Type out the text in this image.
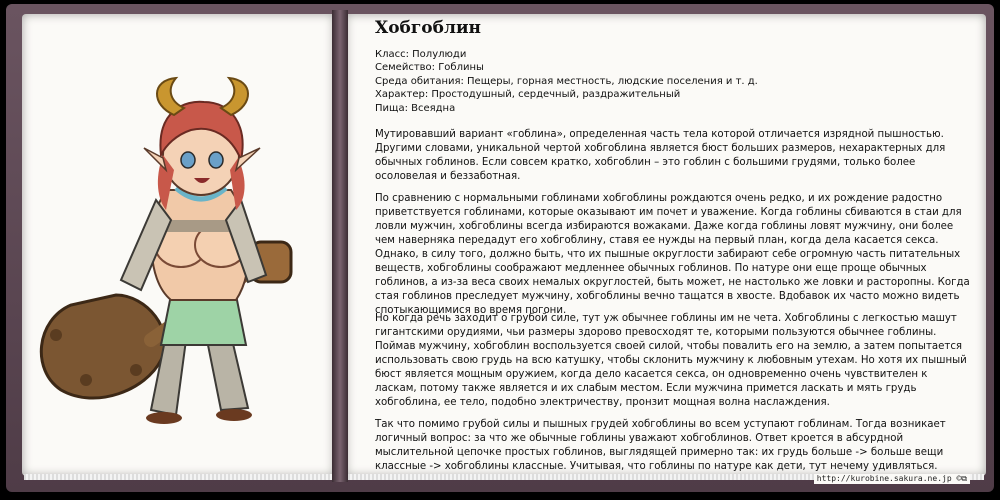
Хобгоблин
Класс: Полулюди
Семейство: Гоблины
Среда обитания: Пещеры, горная местность, людские поселения и т. д.
Характер: Простодушный, сердечный, раздражительный
Пища: Всеядна

Мутировавший вариант «гоблина», определенная часть тела которой отличается изрядной пышностью. Другими словами, уникальной чертой хобгоблина является бюст больших размеров, нехарактерных для обычных гоблинов. Если совсем кратко, хобгоблин – это гоблин с большими грудями, только более осоловелая и беззаботная.

По сравнению с нормальными гоблинами хобгоблины рождаются очень редко, и их рождение радостно приветствуется гоблинами, которые оказывают им почет и уважение. Когда гоблины сбиваются в стаи для ловли мужчин, хобгоблины всегда избираются вожаками. Даже когда гоблины ловят мужчину, они более чем наверняка передадут его хобгоблину, ставя ее нужды на первый план, когда дела касается секса. Однако, в силу того, должно быть, что их пышные округлости забирают себе огромную часть питательных веществ, хобгоблины соображают медленнее обычных гоблинов. По натуре они еще проще обычных гоблинов, а из-за веса своих немалых округлостей, быть может, не настолько же ловки и расторопны. Когда стая гоблинов преследует мужчину, хобгоблины вечно тащатся в хвосте. Вдобавок их часто можно видеть спотыкающимися во время погони.

Но когда речь заходит о грубой силе, тут уж обычнее гоблины им не чета. Хобгоблины с легкостью машут гигантскими орудиями, чьи размеры здорово превосходят те, которыми пользуются обычнее гоблины. Поймав мужчину, хобгоблин воспользуется своей силой, чтобы повалить его на землю, а затем попытается использовать свою грудь на всю катушку, чтобы склонить мужчину к любовным утехам. Но хотя их пышный бюст является мощным оружием, когда дело касается секса, он одновременно очень чувствителен к ласкам, потому также является и их слабым местом. Если мужчина примется ласкать и мять грудь хобгоблина, ее тело, подобно электричеству, пронзит мощная волна наслаждения.

Так что помимо грубой силы и пышных грудей хобгоблины во всем уступают гоблинам. Тогда возникает логичный вопрос: за что же обычные гоблины уважают хобгоблинов. Ответ кроется в абсурдной мыслительной цепочке простых гоблинов, выглядящей примерно так: их грудь больше -> больше вещи классные -> хобгоблины классные. Учитывая, что гоблины по натуре как дети, тут нечему удивляться.

http://kurobine.sakura.ne.jp ©⧉
